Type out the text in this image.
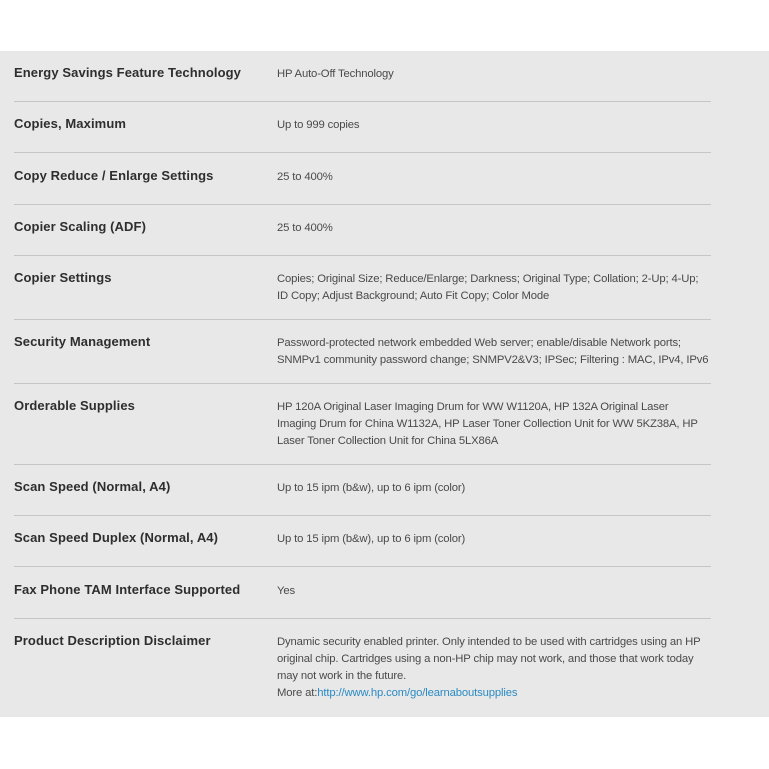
Energy Savings Feature Technology	HP Auto-Off Technology
Copies, Maximum	Up to 999 copies
Copy Reduce / Enlarge Settings	25 to 400%
Copier Scaling (ADF)	25 to 400%
Copier Settings	Copies; Original Size; Reduce/Enlarge; Darkness; Original Type; Collation; 2-Up; 4-Up;
ID Copy; Adjust Background; Auto Fit Copy; Color Mode
Security Management	Password-protected network embedded Web server; enable/disable Network ports;
SNMPv1 community password change; SNMPV2&V3; IPSec; Filtering : MAC, IPv4, IPv6
Orderable Supplies	HP 120A Original Laser Imaging Drum for WW W1120A, HP 132A Original Laser
Imaging Drum for China W1132A, HP Laser Toner Collection Unit for WW 5KZ38A, HP
Laser Toner Collection Unit for China 5LX86A
Scan Speed (Normal, A4)	Up to 15 ipm (b&w), up to 6 ipm (color)
Scan Speed Duplex (Normal, A4)	Up to 15 ipm (b&w), up to 6 ipm (color)
Fax Phone TAM Interface Supported	Yes
Product Description Disclaimer	Dynamic security enabled printer. Only intended to be used with cartridges using an HP
original chip. Cartridges using a non-HP chip may not work, and those that work today
may not work in the future.
More at:http://www.hp.com/go/learnaboutsupplies
